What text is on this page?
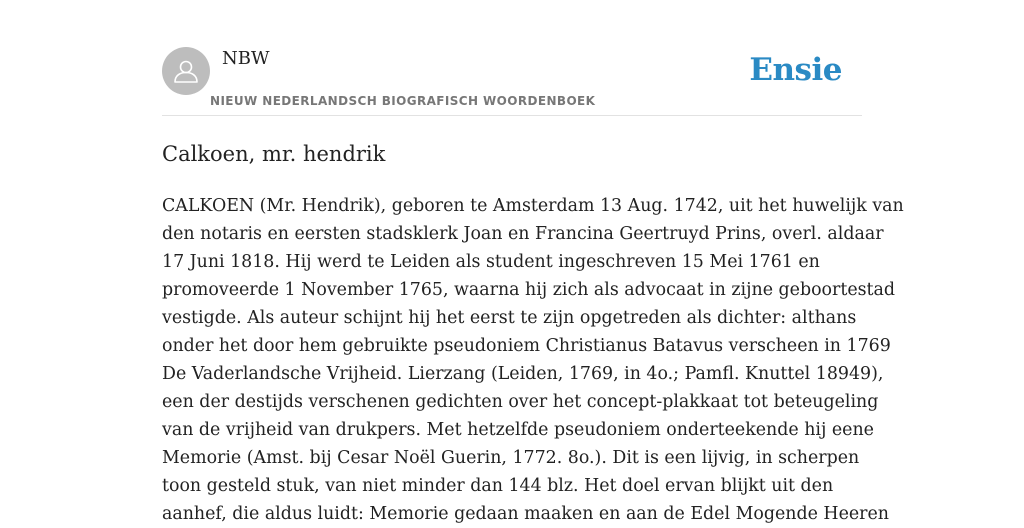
NBW
NIEUW NEDERLANDSCH BIOGRAFISCH WOORDENBOEK
Ensie
Calkoen, mr. hendrik
CALKOEN (Mr. Hendrik), geboren te Amsterdam 13 Aug. 1742, uit het huwelijk van
den notaris en eersten stadsklerk Joan en Francina Geertruyd Prins, overl. aldaar
17 Juni 1818. Hij werd te Leiden als student ingeschreven 15 Mei 1761 en
promoveerde 1 November 1765, waarna hij zich als advocaat in zijne geboortestad
vestigde. Als auteur schijnt hij het eerst te zijn opgetreden als dichter: althans
onder het door hem gebruikte pseudoniem Christianus Batavus verscheen in 1769
De Vaderlandsche Vrijheid. Lierzang (Leiden, 1769, in 4o.; Pamfl. Knuttel 18949),
een der destijds verschenen gedichten over het concept-plakkaat tot beteugeling
van de vrijheid van drukpers. Met hetzelfde pseudoniem onderteekende hij eene
Memorie (Amst. bij Cesar Noël Guerin, 1772. 8o.). Dit is een lijvig, in scherpen
toon gesteld stuk, van niet minder dan 144 blz. Het doel ervan blijkt uit den
aanhef, die aldus luidt: Memorie gedaan maaken en aan de Edel Mogende Heeren
